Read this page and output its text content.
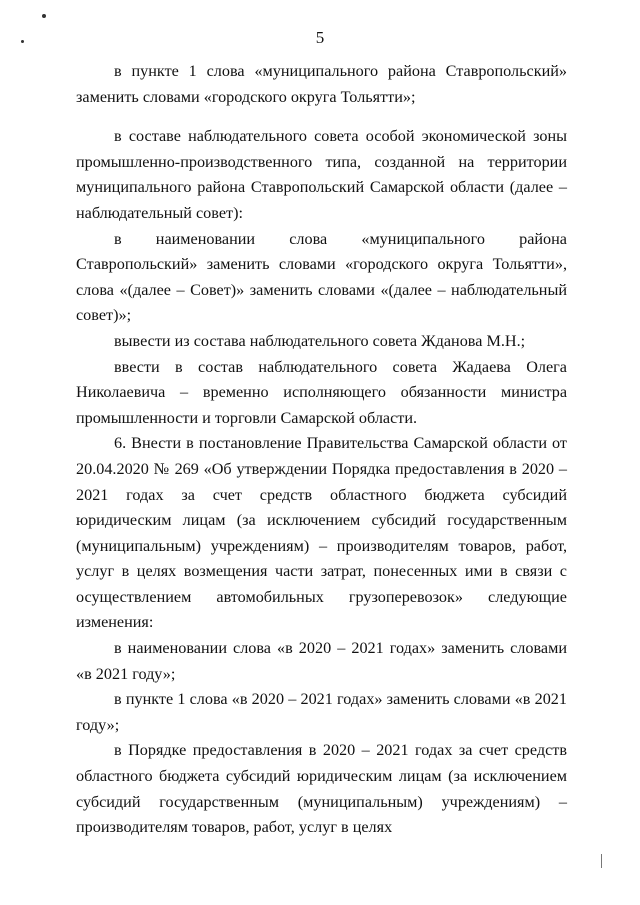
5

в пункте 1 слова «муниципального района Ставропольский» заменить словами «городского округа Тольятти»;

в составе наблюдательного совета особой экономической зоны промышленно-производственного типа, созданной на территории муниципального района Ставропольский Самарской области (далее – наблюдательный совет):

в наименовании слова «муниципального района Ставропольский» заменить словами «городского округа Тольятти», слова «(далее – Совет)» заменить словами «(далее – наблюдательный совет)»;

вывести из состава наблюдательного совета Жданова М.Н.;

ввести в состав наблюдательного совета Жадаева Олега Николаевича – временно исполняющего обязанности министра промышленности и торговли Самарской области.

6. Внести в постановление Правительства Самарской области от 20.04.2020 № 269 «Об утверждении Порядка предоставления в 2020 – 2021 годах за счет средств областного бюджета субсидий юридическим лицам (за исключением субсидий государственным (муниципальным) учреждениям) – производителям товаров, работ, услуг в целях возмещения части затрат, понесенных ими в связи с осуществлением автомобильных грузоперевозок» следующие изменения:

в наименовании слова «в 2020 – 2021 годах» заменить словами «в 2021 году»;

в пункте 1 слова «в 2020 – 2021 годах» заменить словами «в 2021 году»;

в Порядке предоставления в 2020 – 2021 годах за счет средств областного бюджета субсидий юридическим лицам (за исключением субсидий государственным (муниципальным) учреждениям) – производителям товаров, работ, услуг в целях
